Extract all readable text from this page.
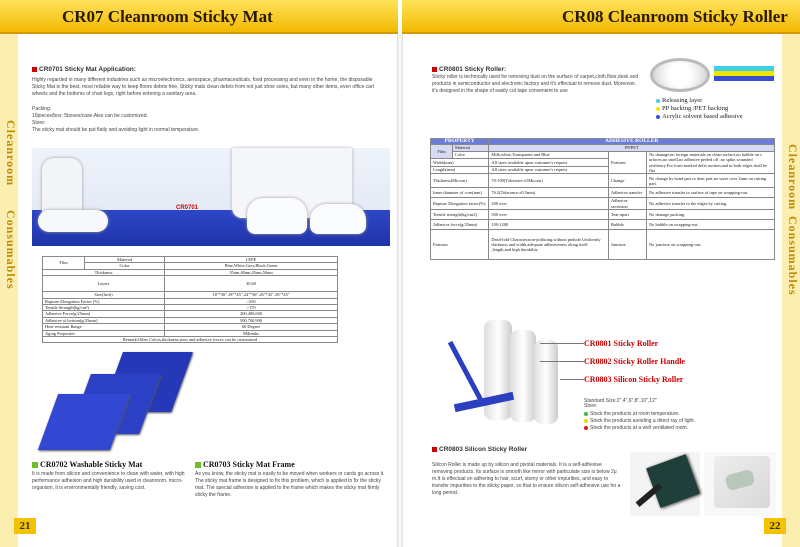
CR07 Cleanroom Sticky Mat
Cleanroom
Consumables
CR0701 Sticky Mat Application:
Highly regarded in many different industries such as microelectronics, aerospace, pharmaceuticals, food processing and even in the home, the disposable Sticky Mat is the best, most reliable way to keep floors debris free. Sticky mats clean debris from not just shoe soles, but many other items, even office cart wheels and the bottoms of chair legs, right before entering a sanitary area.
Packing:
10pieces/box; 5boxes/case.Also can be customized.
Store:
The sticky mat should be put flatly and avoiding light in normal temperature.
CR0701
Film	Material	LEPE
	Color	Blue,White,Grey,Black,Green
Thickness		35um,40um,45um,50um
Layers		30,60
Size(Inch)		18"*36",18"*45",24"*36",26"*45",36"*45"
Rupture Elongation Factor (%)		>250
Tensile Strength(kg/cm²)		>170
Adhesive Force(g/25mm)		200,400,600
Adhesive of bottom(g/25mm)		500,700,900
Heat-resistant Range		60 Degree
Aging Properties		8Months
Remark:Other Colors,thickness,sizes and adhesive forces can be customized		
CR0702 Washable Sticky Mat
It is made from silicon and convenience to clean with water, with high performance adhesion and high durability used in cleanroom, micro-organism, it is environmentally friendly, saving cost.
CR0703 Sticky Mat Frame
As you know, the sticky mat is easily to be moved when workers or cards go across it. The sticky mat frame is designed to fix this problem, which is applied to fix the sticky mat. The special adhesion is applied to the frame which makes the sticky mat firmly sticky the frame.
21
CR08 Cleanroom Sticky Roller
Cleanroom
Consumables
CR0801 Sticky Roller:
Sticky roller is technically used for removing dust on the surface of carpet,cloth,floor,desk and products in semiconductor and electronic factory and it's effectual to remove dust. Moreover, it's designed in the shape of easily cut tape convenient to use
Releasing layer
PP backing /PET backing
Acrylic solvent based adhesive
PROPERTY		ADHESIVE ROLLER		
Film	Material	PP/PET		
	Color	Milk,white,Transparent and Blue	Features	No damage,no foreign materials on clean surface,no bubble on s urfaces,no smell,no adhesive peeled off ,no spike,wounded resiliency.For form marked defer motion,and in both edges shall be flat
Width(mm)		All sizes available upon customer's request		
Length(mm)		All sizes available upon customer's request		
Thickness(Micron)		70-100(Tolerance:±5Micron)	Change	No change by bond part or dent part,no wave over 2mm on cutting part.
Inner diameter of core(mm)		76.2(Tolerance:±0.5mm)	Adhesive transfer	No adhesive transfer to surface of tape on wrapping-out.
Rupture Elongation factor(%)		200 over	Adhesive secession	No adhesive transfer to the edges by cutting.
Tensile strength(kg/cm2)		500 over	Tear-apart	No damage packing.
Adhesive force(g/25mm)		100-1200	Bubble	No bubble on wrapping-out.
Features		Dead-fold Character,non-polluting,without pinhole.Uniformly thickness and width,adequate adhesiveness along itself ,length,and high durability	Juncture	No juncture on wrapping-out.
CR0801 Sticky Roller
CR0802 Sticky Roller Handle
CR0803 Silicon Sticky Roller
Standard Size:2",4",6",8",10",12"
Store:
Stock the products at room temperature.
Stock the products avoiding a direct ray of light.
Stock the products at a well ventilated room.
CR0803 Silicon Sticky Roller
Silicon Roller is made up by silicon and pivotal materials. It is a self-adhesive removing products. Its surface is smooth like mirror with particulate size is below 2μ m.It is effectual on adhering to hair, scurf, stomy or other impurities, and easy to transfer impurities to the sticky paper, so that to ensure silicon self-adhesive use for a long period.
22
